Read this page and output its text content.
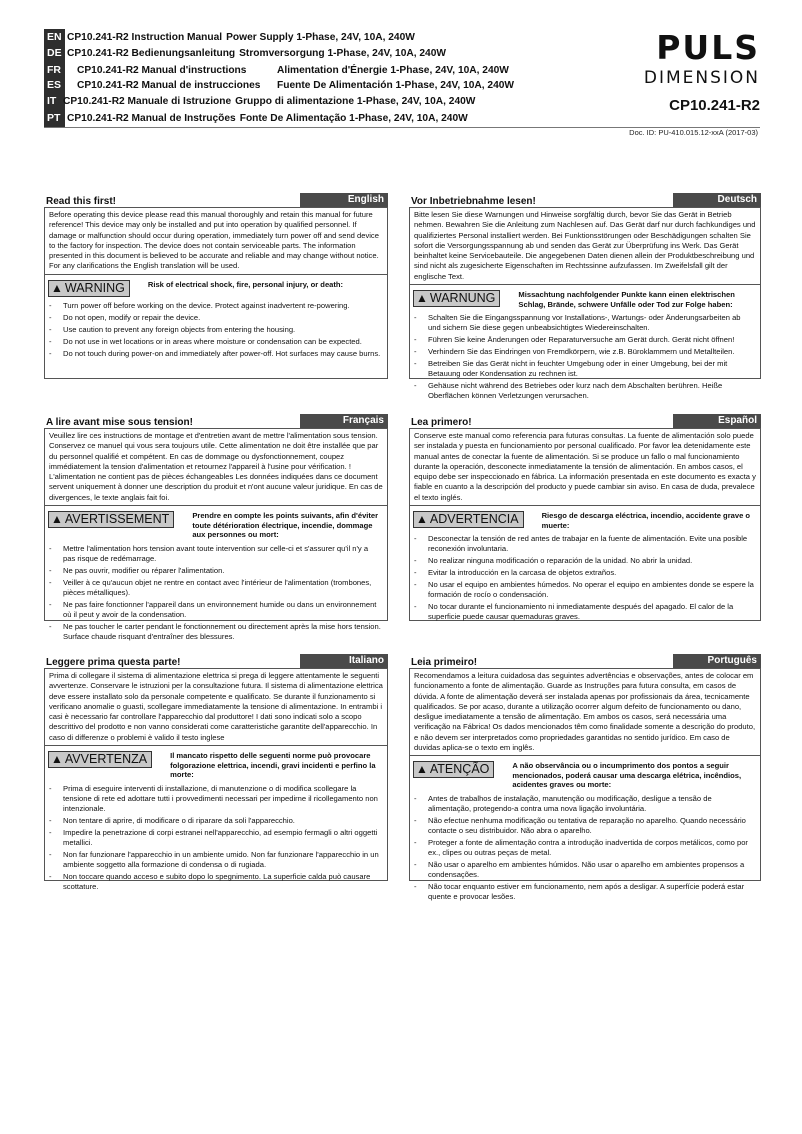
EN CP10.241-R2 Instruction Manual Power Supply 1-Phase, 24V, 10A, 240W
DE CP10.241-R2 Bedienungsanleitung Stromversorgung 1-Phase, 24V, 10A, 240W
FR	CP10.241-R2 Manual d'instructions	Alimentation d'Énergie 1-Phase, 24V, 10A, 240W
ES	CP10.241-R2 Manual de instrucciones Fuente De Alimentación 1-Phase, 24V, 10A, 240W
IT CP10.241-R2 Manuale di Istruzione Gruppo di alimentazione 1-Phase, 24V, 10A, 240W
PT CP10.241-R2 Manual de Instruções Fonte De Alimentação 1-Phase, 24V, 10A, 240W
PULS
DIMENSION
CP10.241-R2
Doc. ID: PU-410.015.12-xxA (2017-03)
Read this first!	English
Before operating this device please read this manual thoroughly and retain this manual for future reference! This device may only be installed and put into operation by qualified personnel. If damage or malfunction should occur during operation, immediately turn power off and send device to the factory for inspection. The device does not contain serviceable parts. The information presented in this document is believed to be accurate and reliable and may change without notice. For any clarifications the English translation will be used.
▲ WARNING	Risk of electrical shock, fire, personal injury, or death:
- Turn power off before working on the device. Protect against inadvertent re-powering.
- Do not open, modify or repair the device.
- Use caution to prevent any foreign objects from entering the housing.
- Do not use in wet locations or in areas where moisture or condensation can be expected.
- Do not touch during power-on and immediately after power-off. Hot surfaces may cause burns.
Vor Inbetriebnahme lesen!	Deutsch
Bitte lesen Sie diese Warnungen und Hinweise sorgfältig durch, bevor Sie das Gerät in Betrieb nehmen. Bewahren Sie die Anleitung zum Nachlesen auf. Das Gerät darf nur durch fachkundiges und qualifiziertes Personal installiert werden. Bei Funktionsstörungen oder Beschädigungen schalten Sie sofort die Versorgungsspannung ab und senden das Gerät zur Überprüfung ins Werk. Das Gerät beinhaltet keine Servicebauteile. Die angegebenen Daten dienen allein der Produktbeschreibung und sind nicht als zugesicherte Eigenschaften im Rechtssinne aufzufassen. Im Zweifelsfall gilt der englische Text.
▲ WARNUNG	Missachtung nachfolgender Punkte kann einen elektrischen Schlag, Brände, schwere Unfälle oder Tod zur Folge haben:
- Schalten Sie die Eingangsspannung vor Installations-, Wartungs- oder Änderungsarbeiten ab und sichern Sie diese gegen unbeabsichtigtes Wiedereinschalten.
- Führen Sie keine Änderungen oder Reparaturversuche am Gerät durch. Gerät nicht öffnen!
- Verhindern Sie das Eindringen von Fremdkörpern, wie z.B. Büroklammern und Metallteilen.
- Betreiben Sie das Gerät nicht in feuchter Umgebung oder in einer Umgebung, bei der mit Betauung oder Kondensation zu rechnen ist.
- Gehäuse nicht während des Betriebes oder kurz nach dem Abschalten berühren. Heiße Oberflächen können Verletzungen verursachen.
A lire avant mise sous tension!	Français
Veuillez lire ces instructions de montage et d'entretien avant de mettre l'alimentation sous tension. Conservez ce manuel qui vous sera toujours utile. Cette alimentation ne doit être installée que par du personnel qualifié et compétent. En cas de dommage ou dysfonctionnement, coupez immédiatement la tension d'alimentation et retournez l'appareil à l'usine pour vérification. ! L'alimentation ne contient pas de pièces échangeables Les données indiquées dans ce document servent uniquement à donner une description du produit et n'ont aucune valeur juridique. En cas de divergences, le texte anglais fait foi.
▲ AVERTISSEMENT	Prendre en compte les points suivants, afin d'éviter toute détérioration électrique, incendie, dommage aux personnes ou mort:
- Mettre l'alimentation hors tension avant toute intervention sur celle-ci et s'assurer qu'il n'y a pas risque de redémarrage.
- Ne pas ouvrir, modifier ou réparer l'alimentation.
- Veiller à ce qu'aucun objet ne rentre en contact avec l'intérieur de l'alimentation (trombones, pièces métalliques).
- Ne pas faire fonctionner l'appareil dans un environnement humide ou dans un environnement où il peut y avoir de la condensation.
- Ne pas toucher le carter pendant le fonctionnement ou directement après la mise hors tension. Surface chaude risquant d'entraîner des blessures.
Lea primero!	Español
Conserve este manual como referencia para futuras consultas. La fuente de alimentación solo puede ser instalada y puesta en funcionamiento por personal cualificado. Por favor lea detenidamente este manual antes de conectar la fuente de alimentación. Si se produce un fallo o mal funcionamiento durante la operación, desconecte inmediatamente la tensión de alimentación. En ambos casos, el equipo debe ser inspeccionado en fábrica. La información presentada en este documento es exacta y fiable en cuanto a la descripción del producto y puede cambiar sin aviso. En casa de duda, prevalece el texto inglés.
▲ ADVERTENCIA	Riesgo de descarga eléctrica, incendio, accidente grave o muerte:
- Desconectar la tensión de red antes de trabajar en la fuente de alimentación. Evite una posible reconexión involuntaria.
- No realizar ninguna modificación o reparación de la unidad. No abrir la unidad.
- Evitar la introducción en la carcasa de objetos extraños.
- No usar el equipo en ambientes húmedos. No operar el equipo en ambientes donde se espere la formación de rocío o condensación.
- No tocar durante el funcionamiento ni inmediatamente después del apagado. El calor de la superficie puede causar quemaduras graves.
Leggere prima questa parte!	Italiano
Prima di collegare il sistema di alimentazione elettrica si prega di leggere attentamente le seguenti avvertenze. Conservare le istruzioni per la consultazione futura. Il sistema di alimentazione elettrica deve essere installato solo da personale competente e qualificato. Se durante il funzionamento si verificano anomalie o guasti, scollegare immediatamente la tensione di alimentazione. In entrambi i casi è necessario far controllare l'apparecchio dal produttore! I dati sono indicati solo a scopo descrittivo del prodotto e non vanno considerati come caratteristiche garantite dell'apparecchio. In caso di differenze o problemi è valido il testo inglese
▲ AVVERTENZA	Il mancato rispetto delle seguenti norme può provocare folgorazione elettrica, incendi, gravi incidenti e perfino la morte:
- Prima di eseguire interventi di installazione, di manutenzione o di modifica scollegare la tensione di rete ed adottare tutti i provvedimenti necessari per impedirne il ricollegamento non intenzionale.
- Non tentare di aprire, di modificare o di riparare da soli l'apparecchio.
- Impedire la penetrazione di corpi estranei nell'apparecchio, ad esempio fermagli o altri oggetti metallici.
- Non far funzionare l'apparecchio in un ambiente umido. Non far funzionare l'apparecchio in un ambiente soggetto alla formazione di condensa o di rugiada.
- Non toccare quando acceso e subito dopo lo spegnimento. La superficie calda può causare scottature.
Leia primeiro!	Português
Recomendamos a leitura cuidadosa das seguintes advertências e observações, antes de colocar em funcionamento a fonte de alimentação. Guarde as Instruções para futura consulta, em casos de dúvida. A fonte de alimentação deverá ser instalada apenas por profissionais da área, tecnicamente qualificados. Se por acaso, durante a utilização ocorrer algum defeito de funcionamento ou dano, desligue imediatamente a tensão de alimentação. Em ambos os casos, será necessária uma verificação na Fábrica! Os dados mencionados têm como finalidade somente a descrição do produto, e não devem ser interpretados como propriedades garantidas no sentido jurídico. Em caso de duvidas aplica-se o texto em inglês.
▲ ATENÇÃO	A não observância ou o incumprimento dos pontos a seguir mencionados, poderá causar uma descarga elétrica, incêndios, acidentes graves ou morte:
- Antes de trabalhos de instalação, manutenção ou modificação, desligue a tensão de alimentação, protegendo-a contra uma nova ligação involuntária.
- Não efectue nenhuma modificação ou tentativa de reparação no aparelho. Quando necessário contacte o seu distribuidor. Não abra o aparelho.
- Proteger a fonte de alimentação contra a introdução inadvertida de corpos metálicos, como por ex., clipes ou outras peças de metal.
- Não usar o aparelho em ambientes húmidos. Não usar o aparelho em ambientes propensos a condensações.
- Não tocar enquanto estiver em funcionamento, nem após a desligar. A superfície poderá estar quente e provocar lesões.
